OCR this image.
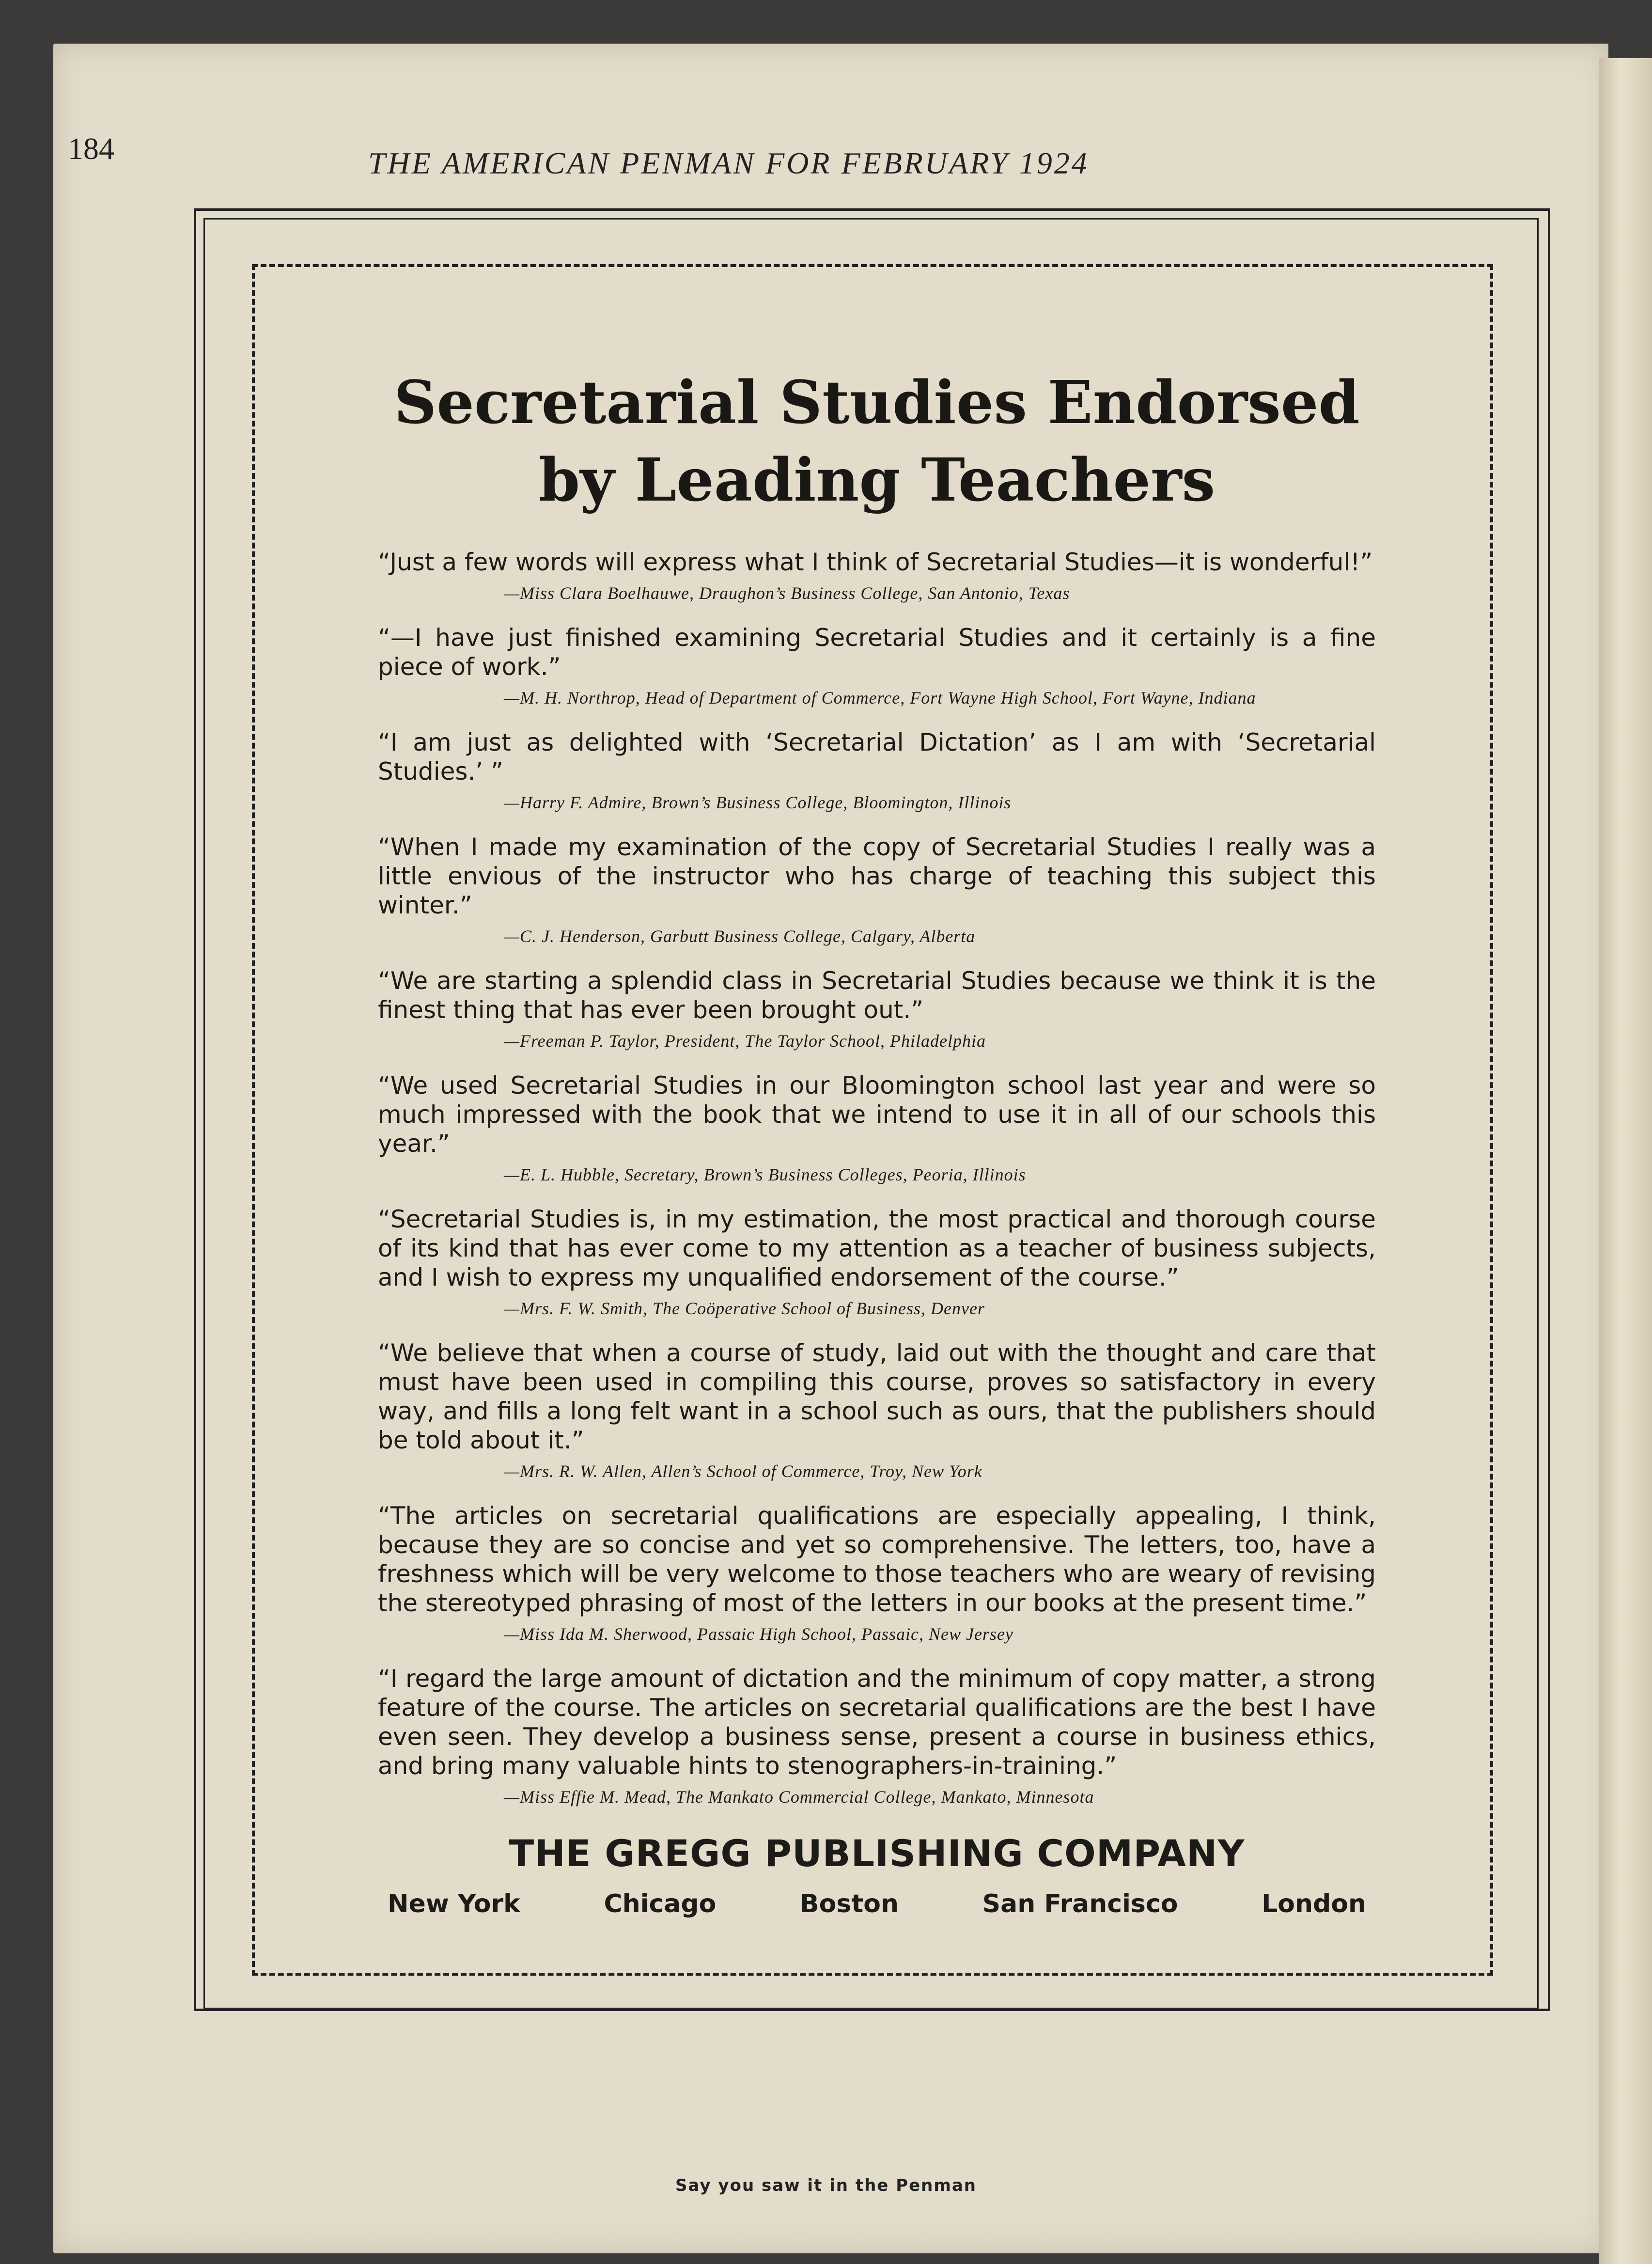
184	THE AMERICAN PENMAN FOR FEBRUARY 1924
Secretarial Studies Endorsed
by Leading Teachers

“Just a few words will express what I think of Secretarial Studies—it is wonderful!”

—Miss Clara Boelhauwe, Draughon’s Business College, San Antonio, Texas

“—I have just finished examining Secretarial Studies and it certainly is a fine piece of work.”

—M. H. Northrop, Head of Department of Commerce, Fort Wayne High School, Fort Wayne, Indiana

“I am just as delighted with ‘Secretarial Dictation’ as I am with ‘Secretarial Studies.’ ”

—Harry F. Admire, Brown’s Business College, Bloomington, Illinois

“When I made my examination of the copy of Secretarial Studies I really was a little envious of the instructor who has charge of teaching this subject this winter.”

—C. J. Henderson, Garbutt Business College, Calgary, Alberta

“We are starting a splendid class in Secretarial Studies because we think it is the finest thing that has ever been brought out.”

—Freeman P. Taylor, President, The Taylor School, Philadelphia

“We used Secretarial Studies in our Bloomington school last year and were so much impressed with the book that we intend to use it in all of our schools this year.”

—E. L. Hubble, Secretary, Brown’s Business Colleges, Peoria, Illinois

“Secretarial Studies is, in my estimation, the most practical and thorough course of its kind that has ever come to my attention as a teacher of business subjects, and I wish to express my unqualified endorsement of the course.”

—Mrs. F. W. Smith, The Coöperative School of Business, Denver

“We believe that when a course of study, laid out with the thought and care that must have been used in compiling this course, proves so satisfactory in every way, and fills a long felt want in a school such as ours, that the publishers should be told about it.”

—Mrs. R. W. Allen, Allen’s School of Commerce, Troy, New York

“The articles on secretarial qualifications are especially appealing, I think, because they are so concise and yet so comprehensive. The letters, too, have a freshness which will be very welcome to those teachers who are weary of revising the stereotyped phrasing of most of the letters in our books at the present time.”

—Miss Ida M. Sherwood, Passaic High School, Passaic, New Jersey

“I regard the large amount of dictation and the minimum of copy matter, a strong feature of the course. The articles on secretarial qualifications are the best I have even seen. They develop a business sense, present a course in business ethics, and bring many valuable hints to stenographers-in-training.”

—Miss Effie M. Mead, The Mankato Commercial College, Mankato, Minnesota

THE GREGG PUBLISHING COMPANY
New York	Chicago	Boston	San Francisco	London
Say you saw it in the Penman
